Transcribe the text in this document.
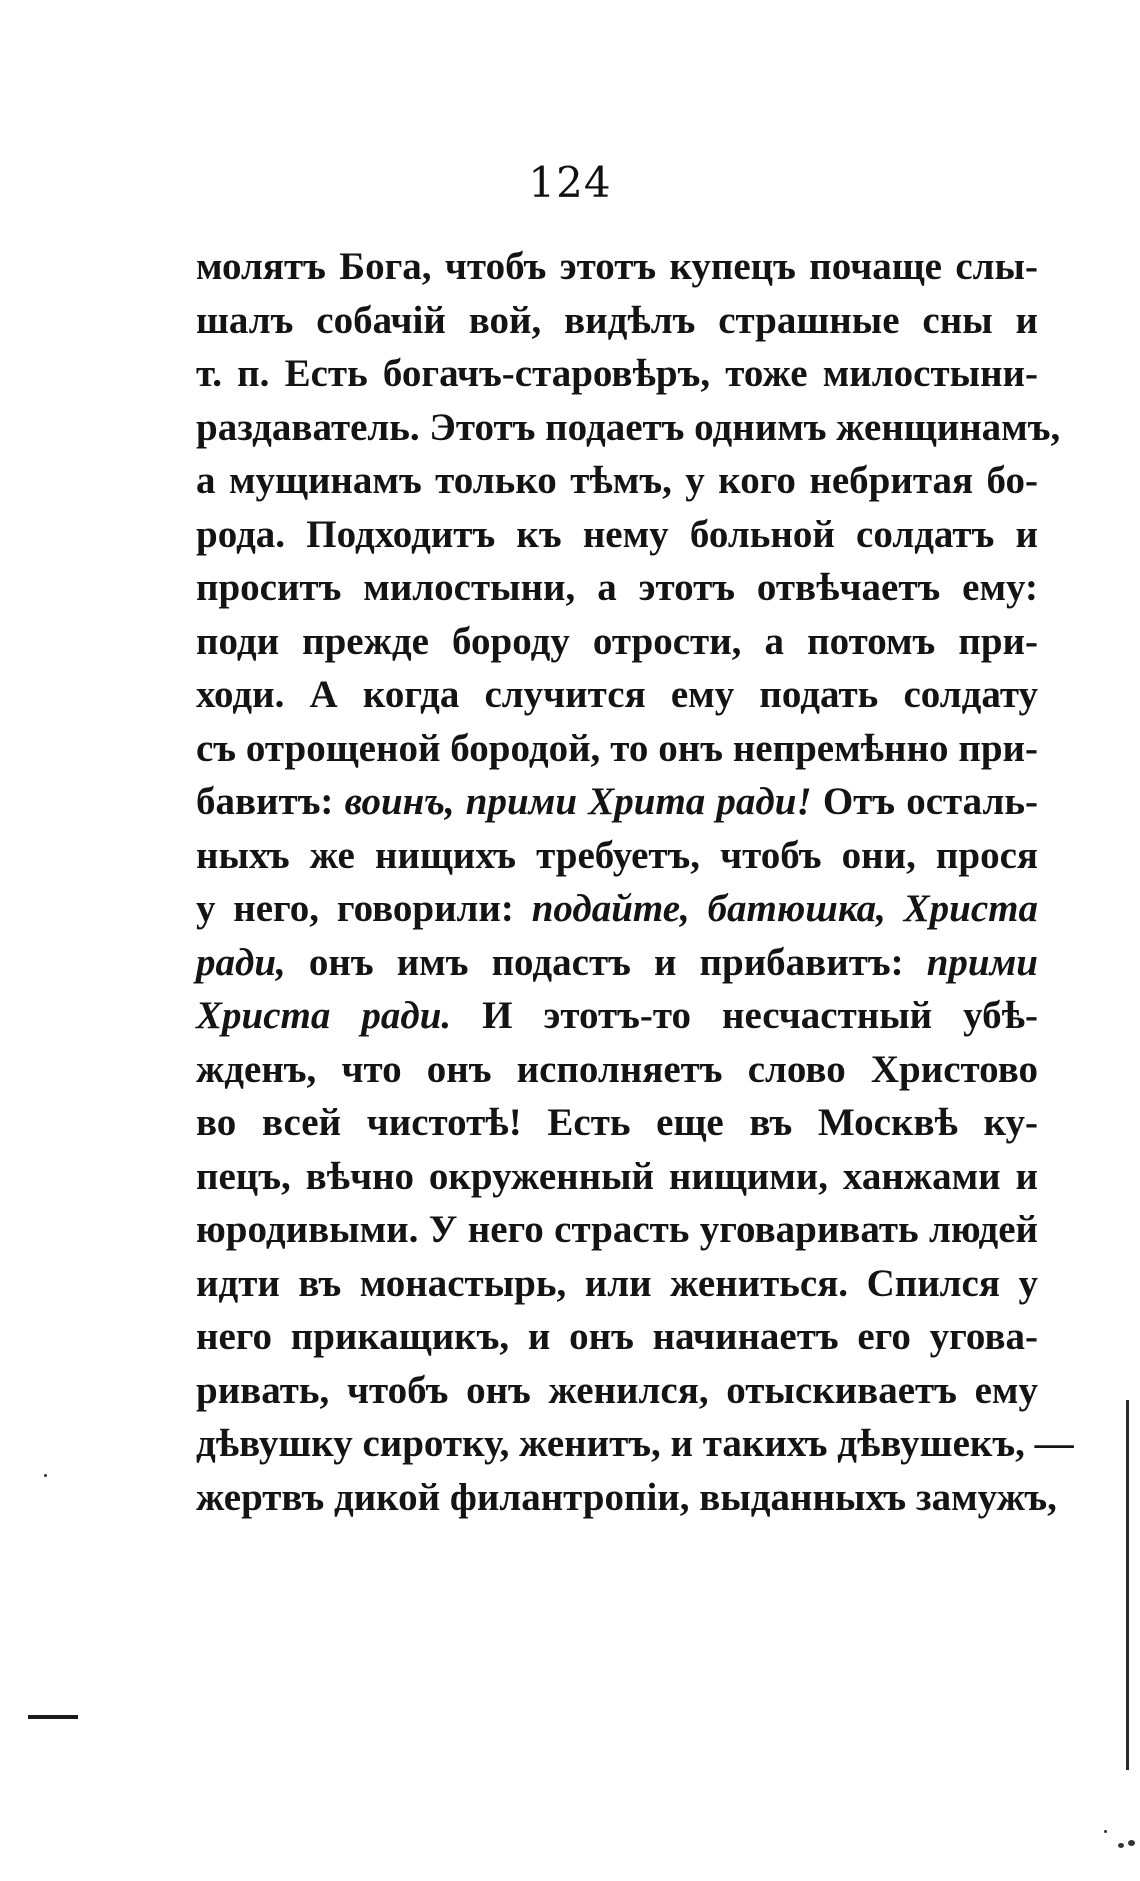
124
молятъ Бога, чтобъ этотъ купецъ почаще слы-
шалъ собачій вой, видѣлъ страшные сны и
т. п. Есть богачъ-старовѣръ, тоже милостыни-
раздаватель. Этотъ подаетъ однимъ женщинамъ,
а мущинамъ только тѣмъ, у кого небритая бо-
рода. Подходитъ къ нему больной солдатъ и
проситъ милостыни, а этотъ отвѣчаетъ ему:
поди прежде бороду отрости, а потомъ при-
ходи. А когда случится ему подать солдату
съ отрощеной бородой, то онъ непремѣнно при-
бавитъ: воинъ, прими Хрита ради! Отъ осталь-
ныхъ же нищихъ требуетъ, чтобъ они, прося
у него, говорили: подайте, батюшка, Христа
ради, онъ имъ подастъ и прибавитъ: прими
Христа ради. И этотъ-то несчастный убѣ-
жденъ, что онъ исполняетъ слово Христово
во всей чистотѣ! Есть еще въ Москвѣ ку-
пецъ, вѣчно окруженный нищими, ханжами и
юродивыми. У него страсть уговаривать людей
идти въ монастырь, или жениться. Спился у
него прикащикъ, и онъ начинаетъ его угова-
ривать, чтобъ онъ женился, отыскиваетъ ему
дѣвушку сиротку, женитъ, и такихъ дѣвушекъ, —
жертвъ дикой филантропіи, выданныхъ замужъ,
